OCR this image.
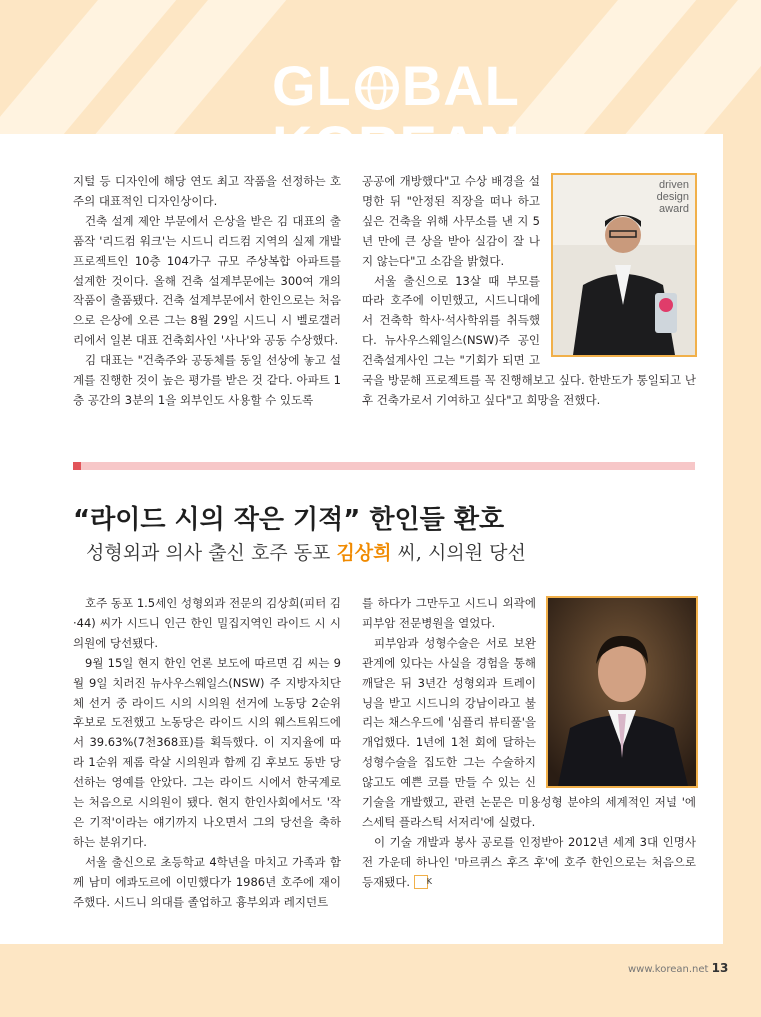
GL BAL KOREAN

지털 등 디자인에 해당 연도 최고 작품을 선정하는 호주의 대표적인 디자인상이다.

건축 설계 제안 부문에서 은상을 받은 김 대표의 출품작 '리드컴 워크'는 시드니 리드컴 지역의 실제 개발프로젝트인 10층 104가구 규모 주상복합 아파트를 설계한 것이다. 올해 건축 설계부문에는 300여 개의 작품이 출품됐다. 건축 설계부문에서 한인으로는 처음으로 은상에 오른 그는 8월 29일 시드니 시 벨로갤러리에서 일본 대표 건축회사인 '사나'와 공동 수상했다.

김 대표는 "건축주와 공동체를 동일 선상에 놓고 설계를 진행한 것이 높은 평가를 받은 것 같다. 아파트 1층 공간의 3분의 1을 외부인도 사용할 수 있도록

공공에 개방했다"고 수상 배경을 설명한 뒤 "안정된 직장을 떠나 하고 싶은 건축을 위해 사무소를 낸 지 5년 만에 큰 상을 받아 실감이 잘 나지 않는다"고 소감을 밝혔다.

서울 출신으로 13살 때 부모를 따라 호주에 이민했고, 시드니대에서 건축학 학사·석사학위를 취득했다. 뉴사우스웨일스(NSW)주 공인 건축설계사인 그는 "기회가 되면 고국을 방문해 프로젝트를 꼭 진행해보고 싶다. 한반도가 통일되고 난 후 건축가로서 기여하고 싶다"고 희망을 전했다.

driven
design
award
“라이드 시의 작은 기적” 한인들 환호
성형외과 의사 출신 호주 동포 김상희 씨, 시의원 당선

호주 동포 1.5세인 성형외과 전문의 김상희(피터 김·44) 씨가 시드니 인근 한인 밀집지역인 라이드 시 시의원에 당선됐다.

9월 15일 현지 한인 언론 보도에 따르면 김 씨는 9월 9일 치러진 뉴사우스웨일스(NSW) 주 지방자치단체 선거 중 라이드 시의 시의원 선거에 노동당 2순위 후보로 도전했고 노동당은 라이드 시의 웨스트워드에서 39.63%(7천368표)를 획득했다. 이 지지율에 따라 1순위 제롬 락살 시의원과 함께 김 후보도 동반 당선하는 영예를 안았다. 그는 라이드 시에서 한국계로는 처음으로 시의원이 됐다. 현지 한인사회에서도 '작은 기적'이라는 얘기까지 나오면서 그의 당선을 축하하는 분위기다.

서울 출신으로 초등학교 4학년을 마치고 가족과 함께 남미 에콰도르에 이민했다가 1986년 호주에 재이주했다. 시드니 의대를 졸업하고 흉부외과 레지던트

를 하다가 그만두고 시드니 외곽에 피부암 전문병원을 열었다.

피부암과 성형수술은 서로 보완 관계에 있다는 사실을 경험을 통해 깨달은 뒤 3년간 성형외과 트레이닝을 받고 시드니의 강남이라고 불리는 채스우드에 '심플리 뷰티풀'을 개업했다. 1년에 1천 회에 달하는 성형수술을 집도한 그는 수술하지 않고도 예쁜 코를 만들 수 있는 신기술을 개발했고, 관련 논문은 미용성형 분야의 세계적인 저널 '에스세틱 플라스틱 서저리'에 실렸다.

이 기술 개발과 봉사 공로를 인정받아 2012년 세계 3대 인명사전 가운데 하나인 '마르퀴스 후즈 후'에 호주 한인으로는 처음으로 등재됐다. K

www.korean.net 13
